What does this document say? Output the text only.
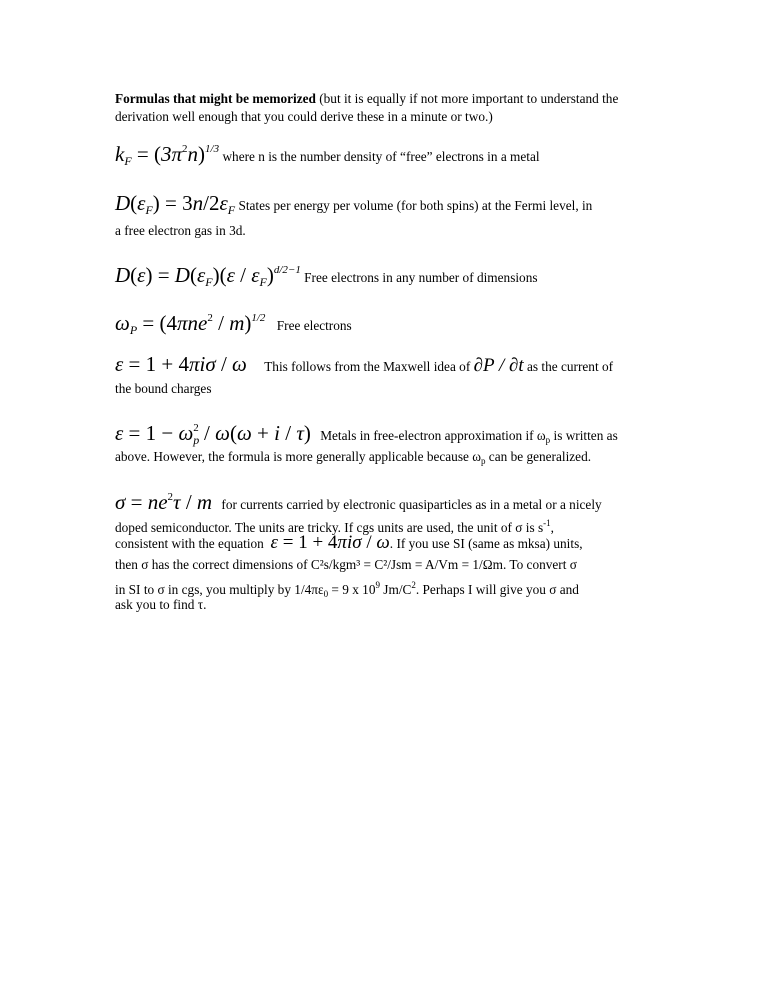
Formulas that might be memorized (but it is equally if not more important to understand the derivation well enough that you could derive these in a minute or two.)
$k_F = (3\pi^2n)^{1/3}$ where n is the number density of “free” electrons in a metal
$D(\varepsilon_F) = 3n/2\varepsilon_F$ States per energy per volume (for both spins) at the Fermi level, in
a free electron gas in 3d.
$D(\varepsilon) = D(\varepsilon_F)(\varepsilon / \varepsilon_F)^{d/2-1}$ Free electrons in any number of dimensions
$\omega_P = (4\pi ne^2 / m)^{1/2}$ Free electrons
ε = 1 + 4πiσ / ω This follows from the Maxwell idea of ∂P / ∂t as the current of
the bound charges
$\varepsilon = 1 - \omega_p^2 / \omega(\omega + i / \tau)$ Metals in free-electron approximation if $\omega_p$ is written as
above. However, the formula is more generally applicable because $\omega_p$ can be generalized.
$\sigma = ne^2\tau / m$ for currents carried by electronic quasiparticles as in a metal or a nicely
doped semiconductor. The units are tricky. If cgs units are used, the unit of σ is $s^{-1}$,
consistent with the equation ε = 1 + 4πiσ / ω. If you use SI (same as mksa) units,
then σ has the correct dimensions of C²s/kgm³ = C²/Jsm = A/Vm = 1/Ωm. To convert σ
in SI to σ in cgs, you multiply by $1/4\pi\varepsilon_0 = 9$ x $10^9$ $Jm/C^2$. Perhaps I will give you σ and
ask you to find τ.
